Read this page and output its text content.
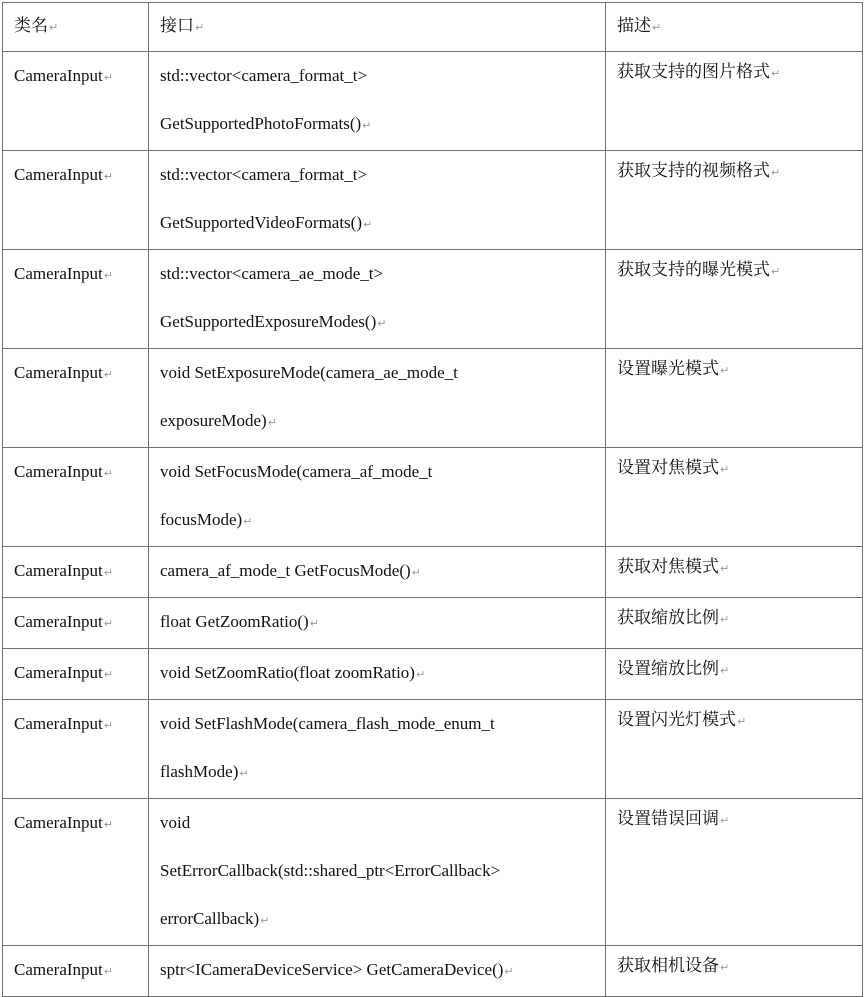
类名↵	接口↵	描述↵

CameraInput↵	std::vector<camera_format_t>
GetSupportedPhotoFormats()↵	获取支持的图片格式↵

CameraInput↵	std::vector<camera_format_t>
GetSupportedVideoFormats()↵	获取支持的视频格式↵

CameraInput↵	std::vector<camera_ae_mode_t>
GetSupportedExposureModes()↵	获取支持的曝光模式↵

CameraInput↵	void SetExposureMode(camera_ae_mode_t
exposureMode)↵	设置曝光模式↵

CameraInput↵	void SetFocusMode(camera_af_mode_t
focusMode)↵	设置对焦模式↵

CameraInput↵	camera_af_mode_t GetFocusMode()↵	获取对焦模式↵

CameraInput↵	float GetZoomRatio()↵	获取缩放比例↵

CameraInput↵	void SetZoomRatio(float zoomRatio)↵	设置缩放比例↵

CameraInput↵	void SetFlashMode(camera_flash_mode_enum_t
flashMode)↵	设置闪光灯模式↵

CameraInput↵	void
SetErrorCallback(std::shared_ptr<ErrorCallback>
errorCallback)↵	设置错误回调↵

CameraInput↵	sptr<ICameraDeviceService> GetCameraDevice()↵	获取相机设备↵
